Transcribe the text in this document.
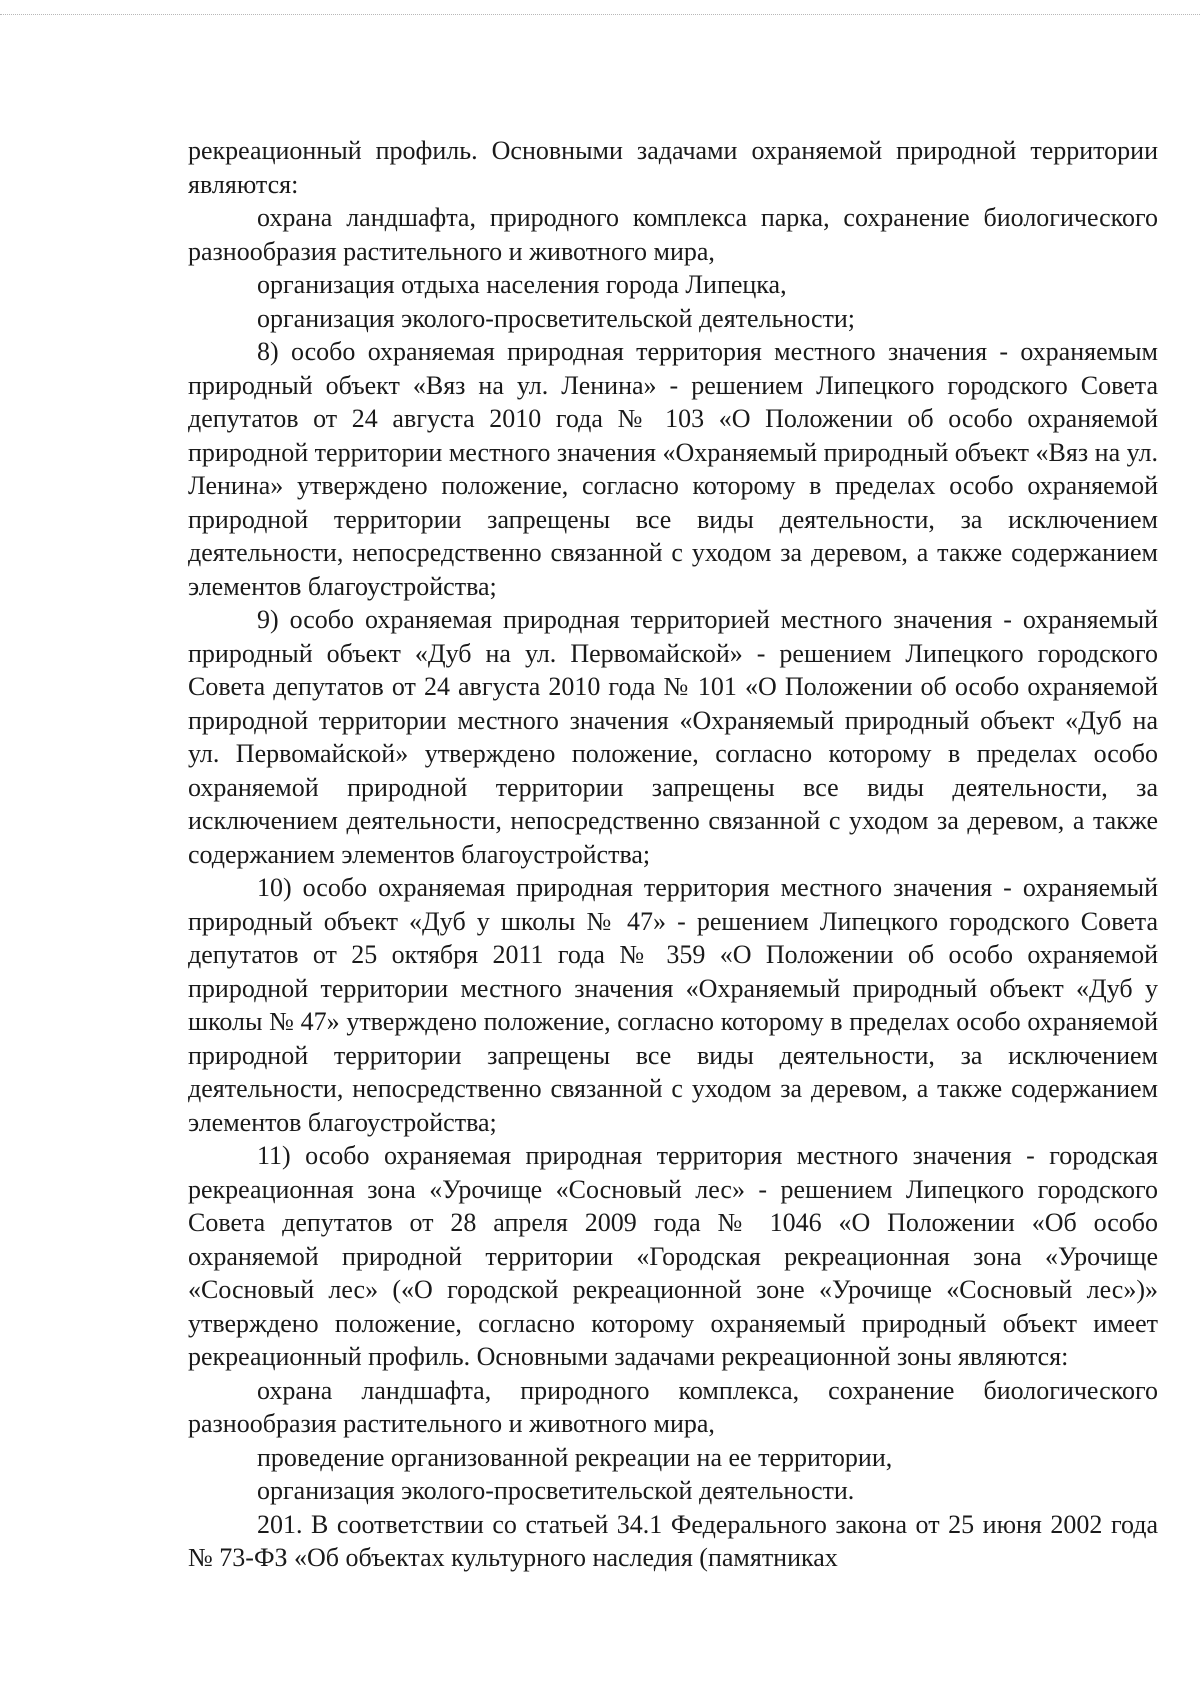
рекреационный профиль. Основными задачами охраняемой природной территории являются:

охрана ландшафта, природного комплекса парка, сохранение биологического разнообразия растительного и животного мира,

организация отдыха населения города Липецка,

организация эколого-просветительской деятельности;

8) особо охраняемая природная территория местного значения - охраняемым природный объект «Вяз на ул. Ленина» - решением Липецкого городского Совета депутатов от 24 августа 2010 года № 103 «О Положении об особо охраняемой природной территории местного значения «Охраняемый природный объект «Вяз на ул. Ленина» утверждено положение, согласно которому в пределах особо охраняемой природной территории запрещены все виды деятельности, за исключением деятельности, непосредственно связанной с уходом за деревом, а также содержанием элементов благоустройства;

9) особо охраняемая природная территорией местного значения - охраняемый природный объект «Дуб на ул. Первомайской» - решением Липецкого городского Совета депутатов от 24 августа 2010 года № 101 «О Положении об особо охраняемой природной территории местного значения «Охраняемый природный объект «Дуб на ул. Первомайской» утверждено положение, согласно которому в пределах особо охраняемой природной территории запрещены все виды деятельности, за исключением деятельности, непосредственно связанной с уходом за деревом, а также содержанием элементов благоустройства;

10) особо охраняемая природная территория местного значения - охраняемый природный объект «Дуб у школы № 47» - решением Липецкого городского Совета депутатов от 25 октября 2011 года № 359 «О Положении об особо охраняемой природной территории местного значения «Охраняемый природный объект «Дуб у школы № 47» утверждено положение, согласно которому в пределах особо охраняемой природной территории запрещены все виды деятельности, за исключением деятельности, непосредственно связанной с уходом за деревом, а также содержанием элементов благоустройства;

11) особо охраняемая природная территория местного значения - городская рекреационная зона «Урочище «Сосновый лес» - решением Липецкого городского Совета депутатов от 28 апреля 2009 года № 1046 «О Положении «Об особо охраняемой природной территории «Городская рекреационная зона «Урочище «Сосновый лес» («О городской рекреационной зоне «Урочище «Сосновый лес»)» утверждено положение, согласно которому охраняемый природный объект имеет рекреационный профиль. Основными задачами рекреационной зоны являются:

охрана ландшафта, природного комплекса, сохранение биологического разнообразия растительного и животного мира,

проведение организованной рекреации на ее территории,

организация эколого-просветительской деятельности.

201. В соответствии со статьей 34.1 Федерального закона от 25 июня 2002 года № 73-ФЗ «Об объектах культурного наследия (памятниках
